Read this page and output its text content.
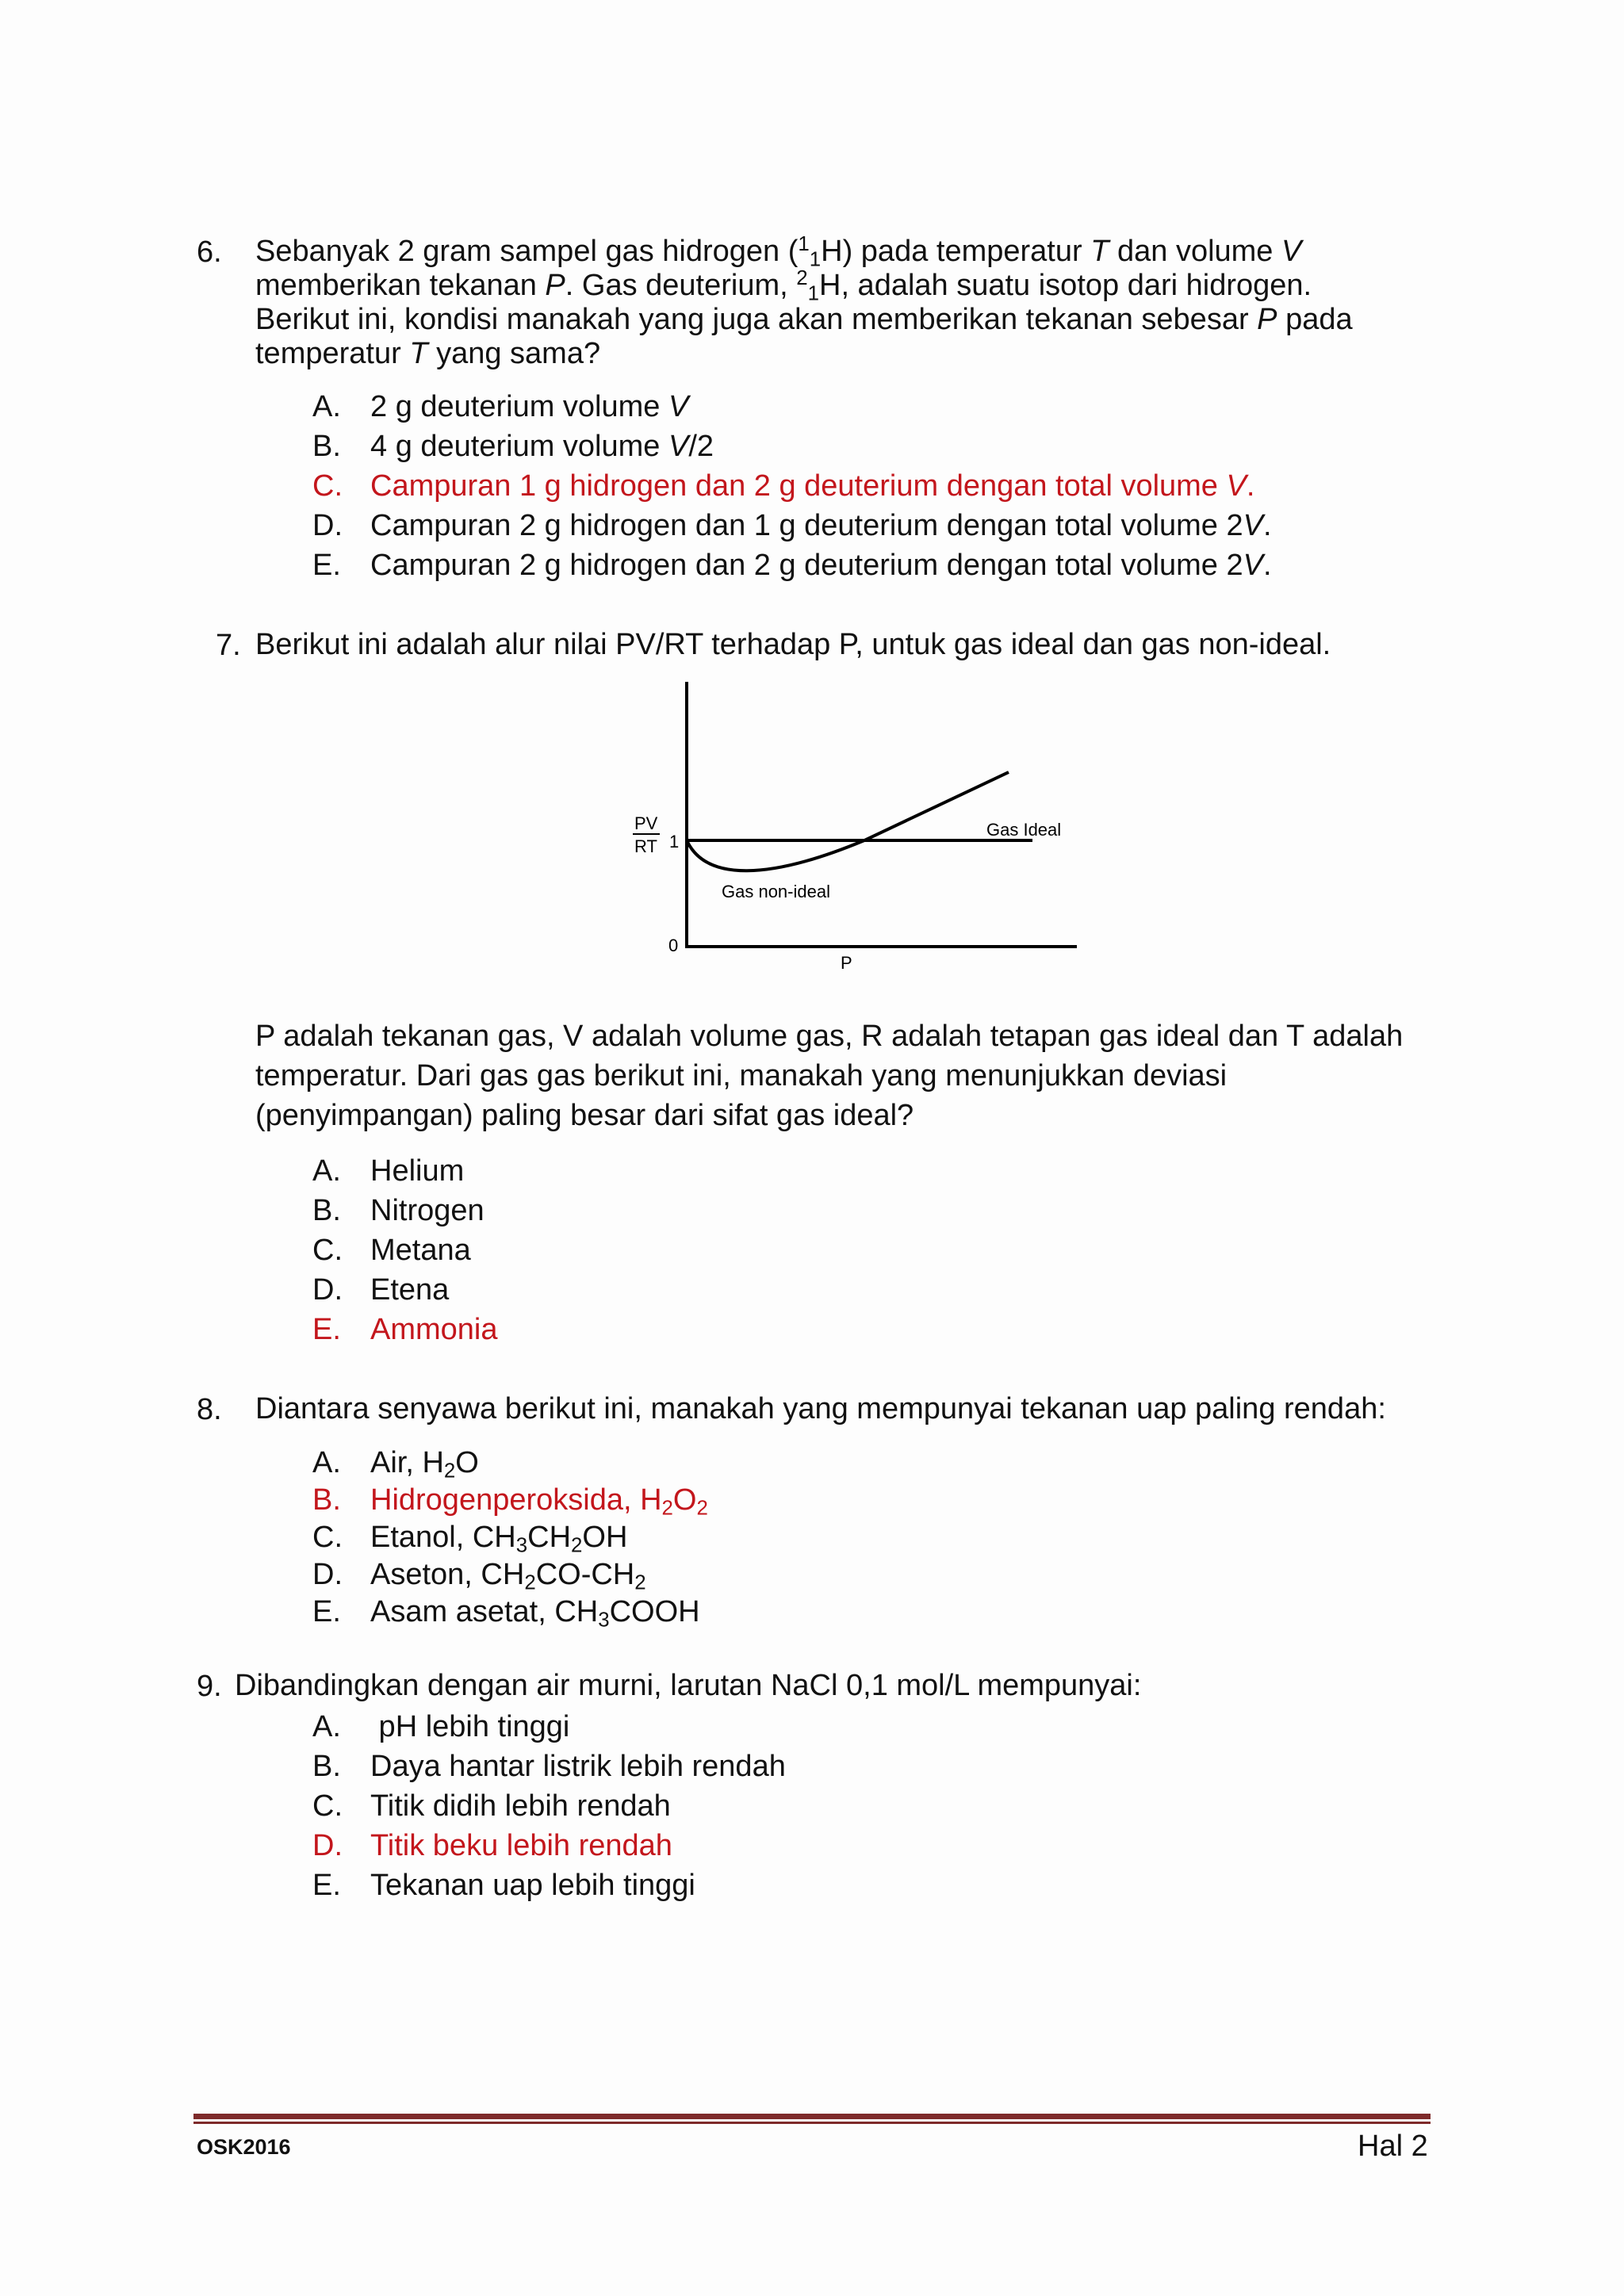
6. Sebanyak 2 gram sampel gas hidrogen ($^1_1$H) pada temperatur T dan volume V
memberikan tekanan P. Gas deuterium, $^2_1$H, adalah suatu isotop dari hidrogen.
Berikut ini, kondisi manakah yang juga akan memberikan tekanan sebesar P pada
temperatur T yang sama?
A. 2 g deuterium volume V
B. 4 g deuterium volume V/2
C. Campuran 1 g hidrogen dan 2 g deuterium dengan total volume V.
D. Campuran 2 g hidrogen dan 1 g deuterium dengan total volume 2V.
E. Campuran 2 g hidrogen dan 2 g deuterium dengan total volume 2V.
7. Berikut ini adalah alur nilai PV/RT terhadap P, untuk gas ideal dan gas non-ideal.
PV
RT 1
0
P
Gas Ideal
Gas non-ideal
P adalah tekanan gas, V adalah volume gas, R adalah tetapan gas ideal dan T adalah
temperatur. Dari gas gas berikut ini, manakah yang menunjukkan deviasi
(penyimpangan) paling besar dari sifat gas ideal?
A. Helium
B. Nitrogen
C. Metana
D. Etena
E. Ammonia
8. Diantara senyawa berikut ini, manakah yang mempunyai tekanan uap paling rendah:
A. Air, $H_2O$
B. Hidrogenperoksida, $H_2O_2$
C. Etanol, $CH_3CH_2OH$
D. Aseton, $CH_2CO-CH_2$
E. Asam asetat, $CH_3COOH$
9. Dibandingkan dengan air murni, larutan NaCl 0,1 mol/L mempunyai:
A. pH lebih tinggi
B. Daya hantar listrik lebih rendah
C. Titik didih lebih rendah
D. Titik beku lebih rendah
E. Tekanan uap lebih tinggi
OSK2016	Hal 2
